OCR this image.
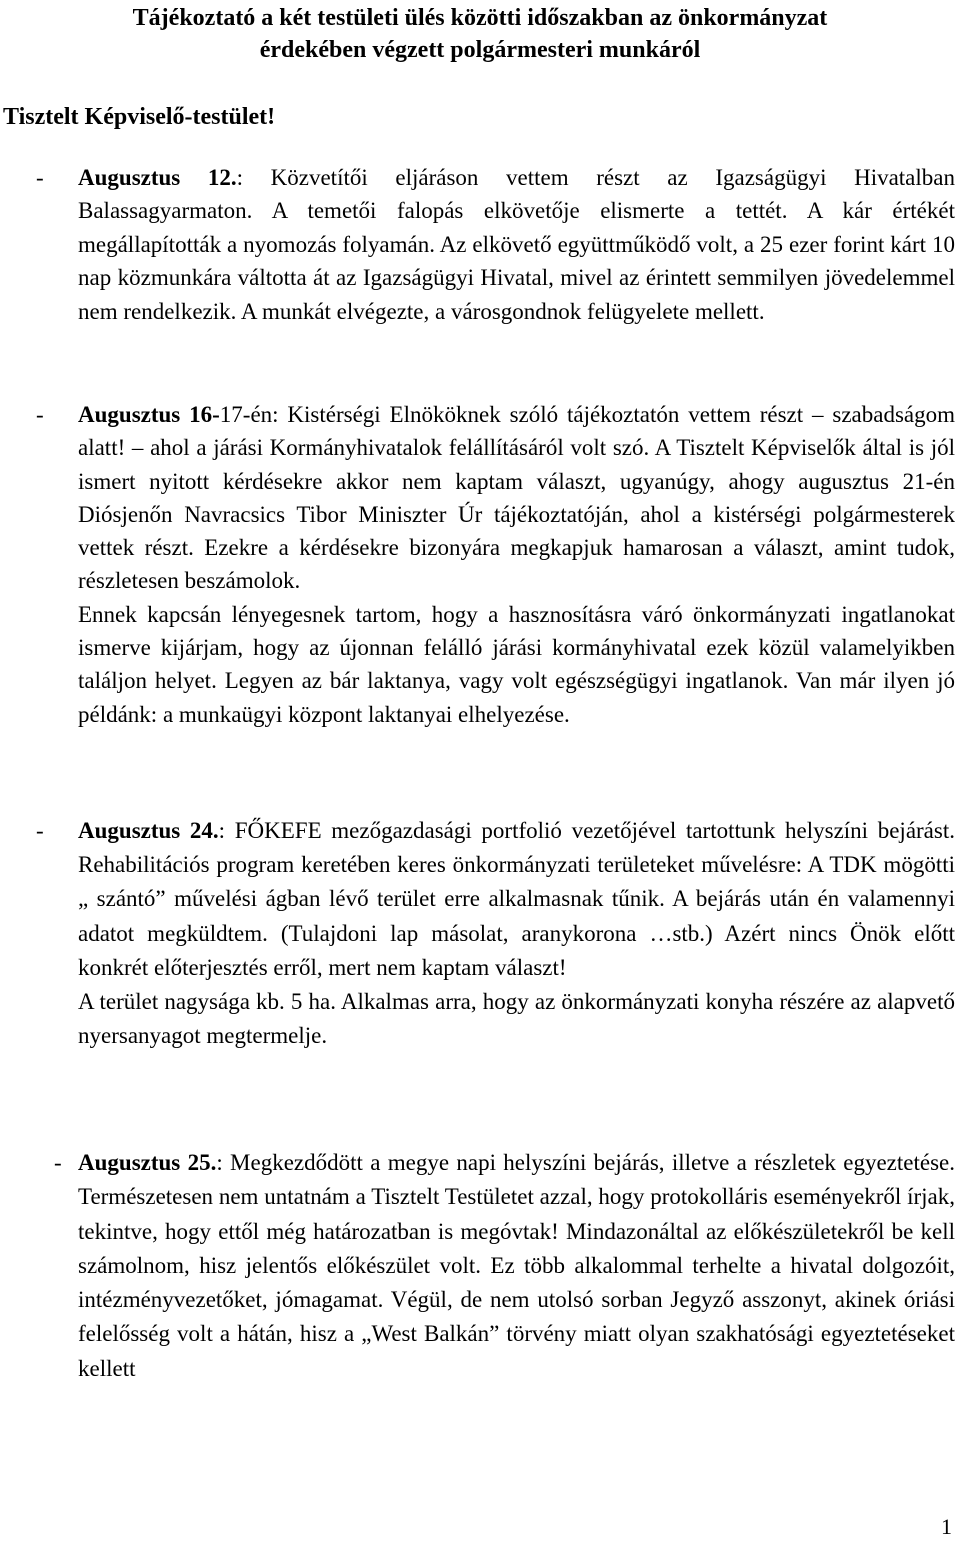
Tájékoztató a két testületi ülés közötti időszakban az önkormányzat
érdekében végzett polgármesteri munkáról
Tisztelt Képviselő-testület!
- Augusztus 12.: Közvetítői eljáráson vettem részt az Igazságügyi Hivatalban Balassagyarmaton. A temetői falopás elkövetője elismerte a tettét. A kár értékét megállapították a nyomozás folyamán. Az elkövető együttműködő volt, a 25 ezer forint kárt 10 nap közmunkára váltotta át az Igazságügyi Hivatal, mivel az érintett semmilyen jövedelemmel nem rendelkezik. A munkát elvégezte, a városgondnok felügyelete mellett.
- Augusztus 16-17-én: Kistérségi Elnököknek szóló tájékoztatón vettem részt – szabadságom alatt! – ahol a járási Kormányhivatalok felállításáról volt szó. A Tisztelt Képviselők által is jól ismert nyitott kérdésekre akkor nem kaptam választ, ugyanúgy, ahogy augusztus 21-én Diósjenőn Navracsics Tibor Miniszter Úr tájékoztatóján, ahol a kistérségi polgármesterek vettek részt. Ezekre a kérdésekre bizonyára megkapjuk hamarosan a választ, amint tudok, részletesen beszámolok.
Ennek kapcsán lényegesnek tartom, hogy a hasznosításra váró önkormányzati ingatlanokat ismerve kijárjam, hogy az újonnan felálló járási kormányhivatal ezek közül valamelyikben találjon helyet. Legyen az bár laktanya, vagy volt egészségügyi ingatlanok. Van már ilyen jó példánk: a munkaügyi központ laktanyai elhelyezése.
- Augusztus 24.: FŐKEFE mezőgazdasági portfolió vezetőjével tartottunk helyszíni bejárást. Rehabilitációs program keretében keres önkormányzati területeket művelésre: A TDK mögötti „ szántó” művelési ágban lévő terület erre alkalmasnak tűnik. A bejárás után én valamennyi adatot megküldtem. (Tulajdoni lap másolat, aranykorona …stb.) Azért nincs Önök előtt konkrét előterjesztés erről, mert nem kaptam választ!
A terület nagysága kb. 5 ha. Alkalmas arra, hogy az önkormányzati konyha részére az alapvető nyersanyagot megtermelje.
- Augusztus 25.: Megkezdődött a megye napi helyszíni bejárás, illetve a részletek egyeztetése. Természetesen nem untatnám a Tisztelt Testületet azzal, hogy protokolláris eseményekről írjak, tekintve, hogy ettől még határozatban is megóvtak! Mindazonáltal az előkészületekről be kell számolnom, hisz jelentős előkészület volt. Ez több alkalommal terhelte a hivatal dolgozóit, intézményvezetőket, jómagamat. Végül, de nem utolsó sorban Jegyző asszonyt, akinek óriási felelősség volt a hátán, hisz a „West Balkán” törvény miatt olyan szakhatósági egyeztetéseket kellett
1
